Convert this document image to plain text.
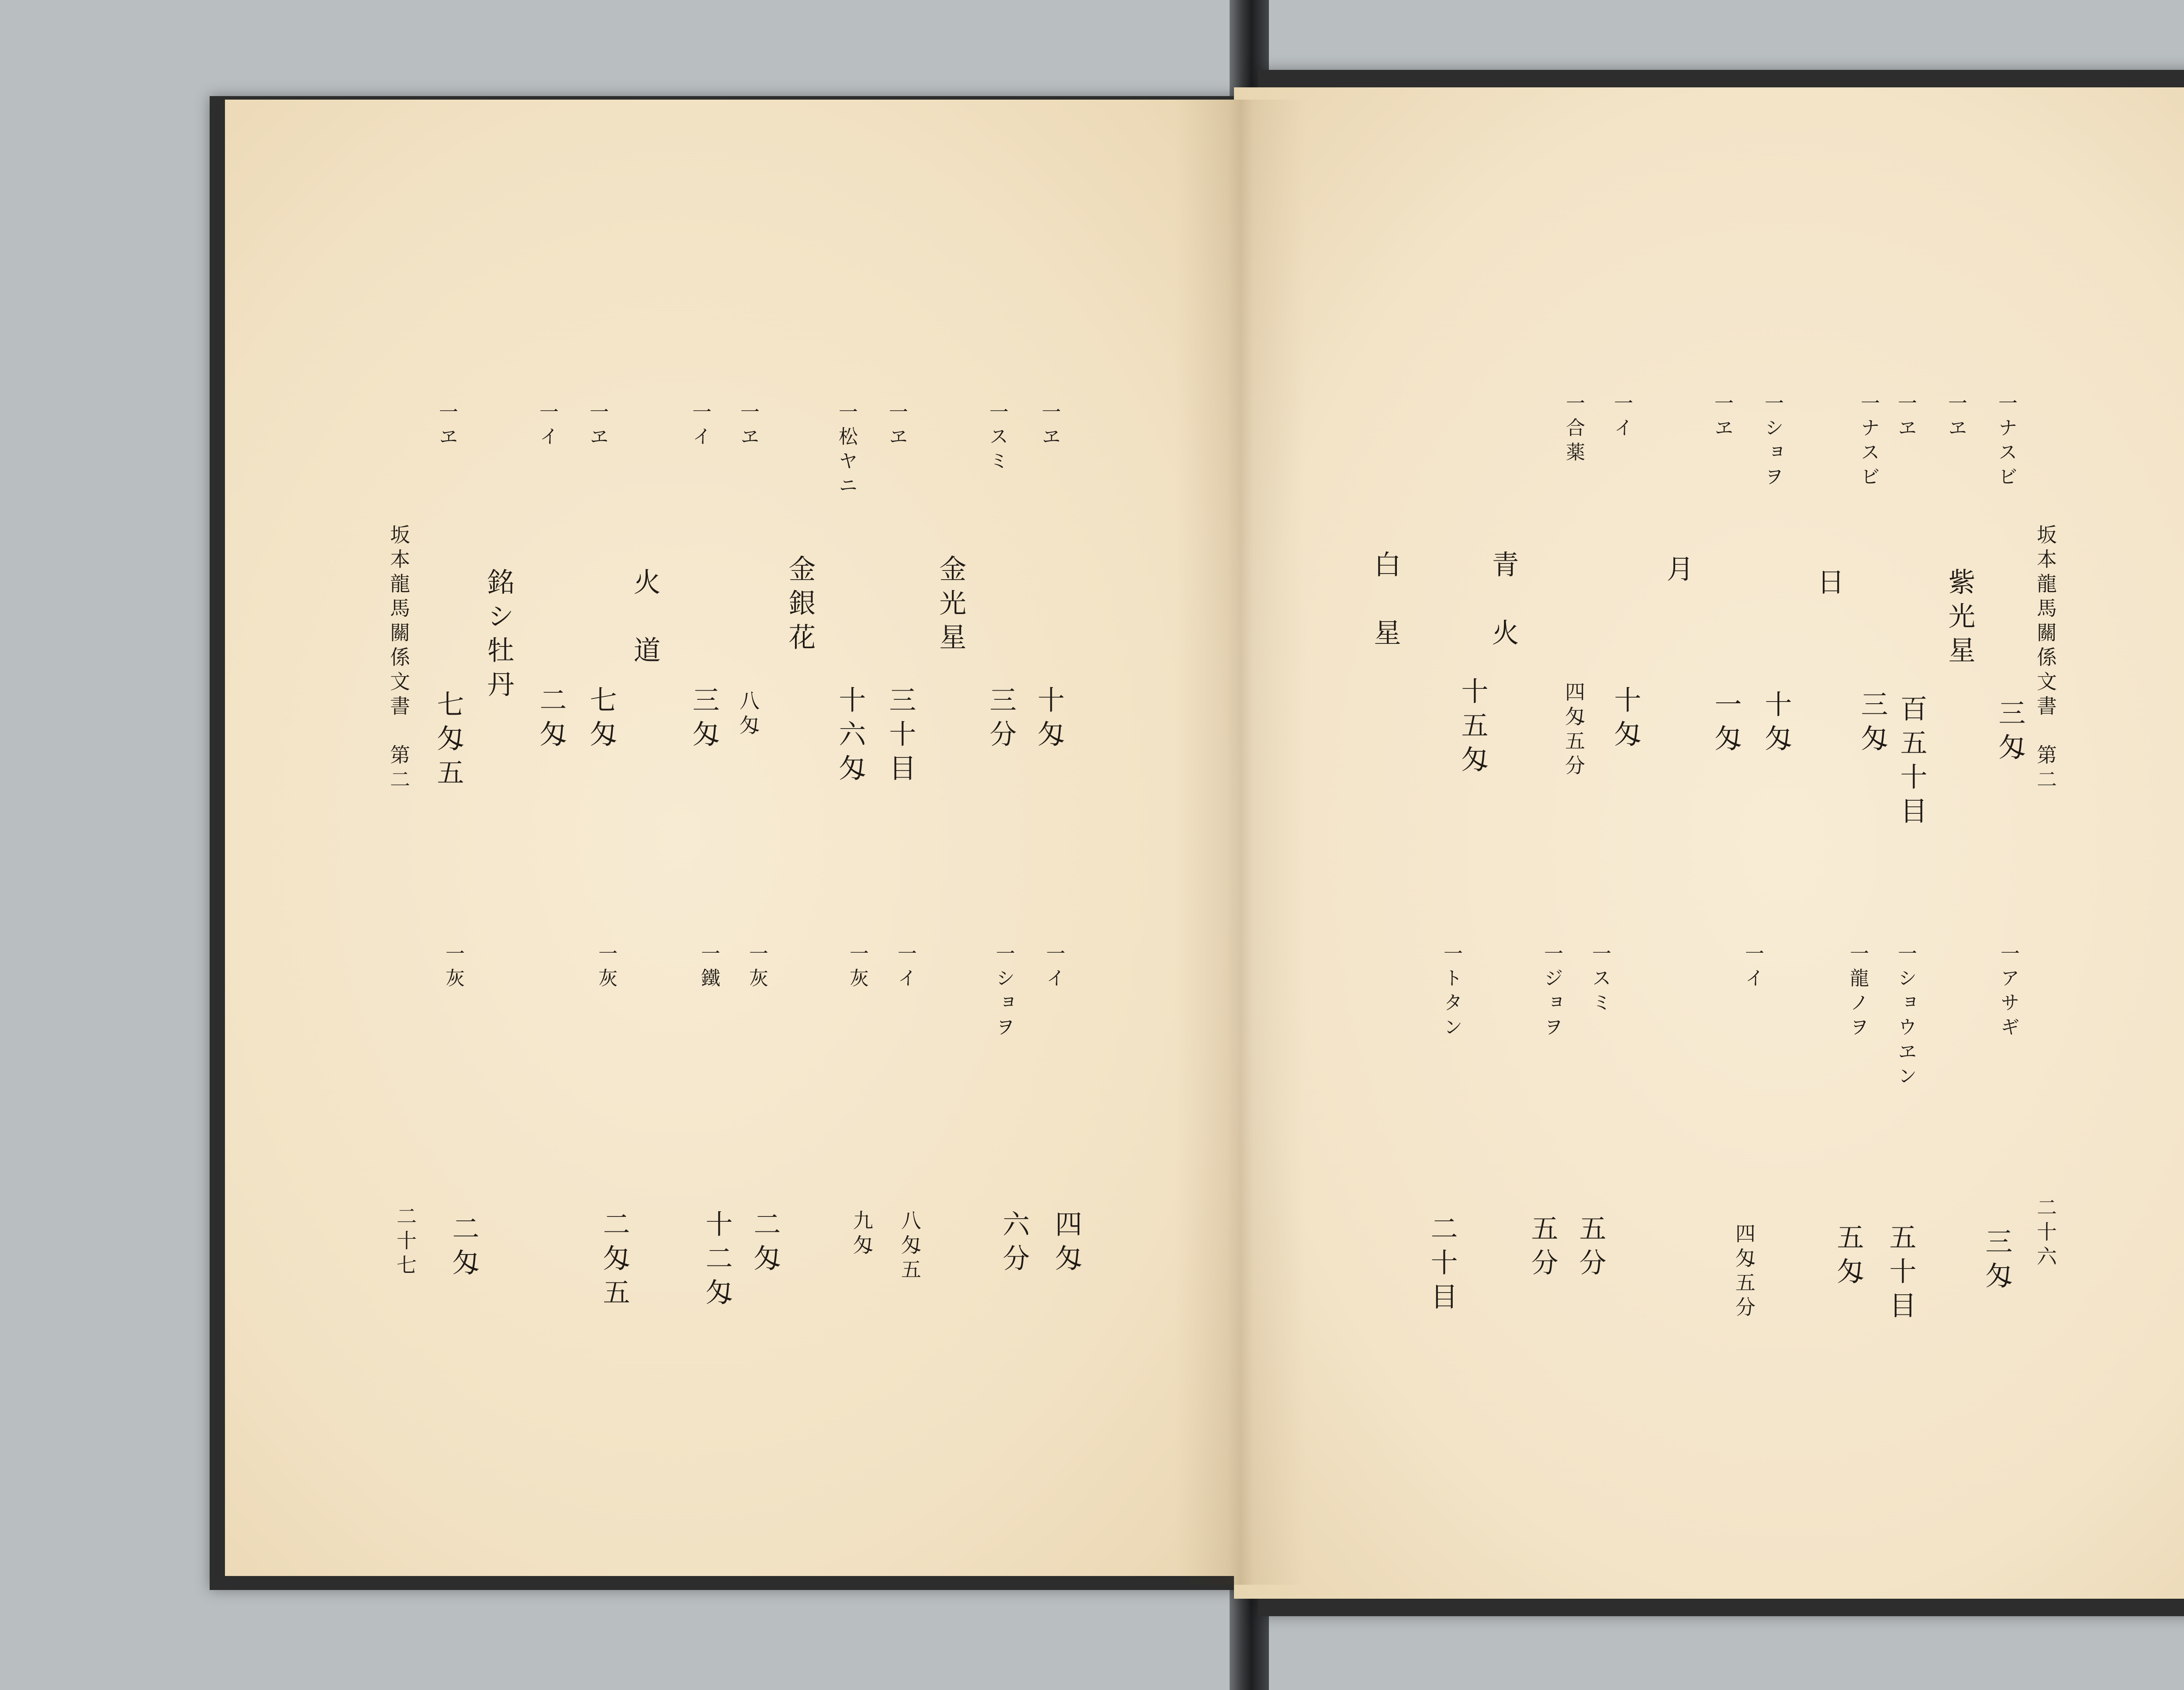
坂本龍馬關係文書　第二
二十六
一ナスビ
三匁
一ヱ
紫光星
一ナスビ
三匁
一ヱ
日
百五十目
一ショヲ
十匁
一ヱ
月
一匁
一イ
十匁
一合薬
青　火
四匁五分
白　星
十五匁
一アサギ
三匁
一ショウヱン
五十目
一龍ノヲ
五匁
一イ
四匁五分
一スミ
五分
一ジョヲ
五分
一トタン
二十目
坂本龍馬關係文書　第二
二十七
一ヱ
十匁
一スミ
三分
一ヱ
金光星
三十目
一松ヤニ
十六匁
一ヱ
金銀花
八匁
一イ
三匁
一ヱ
火　道
七匁
一イ
二匁
銘シ牡丹
一ヱ
七匁五
一イ
四匁
一ショヲ
六分
一イ
八匁五
一灰
九匁
一灰
二匁
一鐵
十二匁
一灰
二匁五
一灰
二匁
